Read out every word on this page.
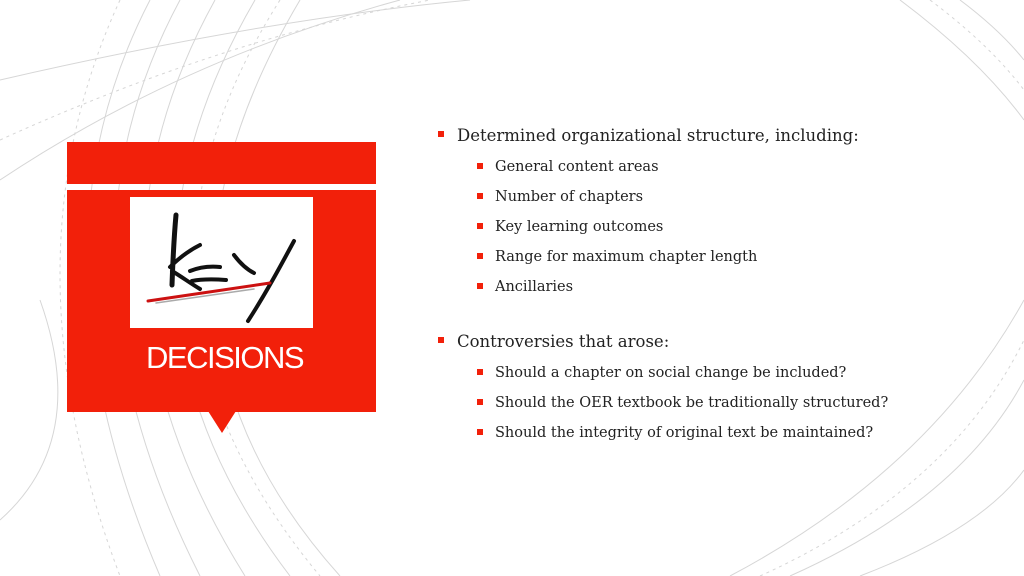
DECISIONS
Determined organizational structure, including:
General content areas
Number of chapters
Key learning outcomes
Range for maximum chapter length
Ancillaries
Controversies that arose:
Should a chapter on social change be included?
Should the OER textbook be traditionally structured?
Should the integrity of original text be maintained?
